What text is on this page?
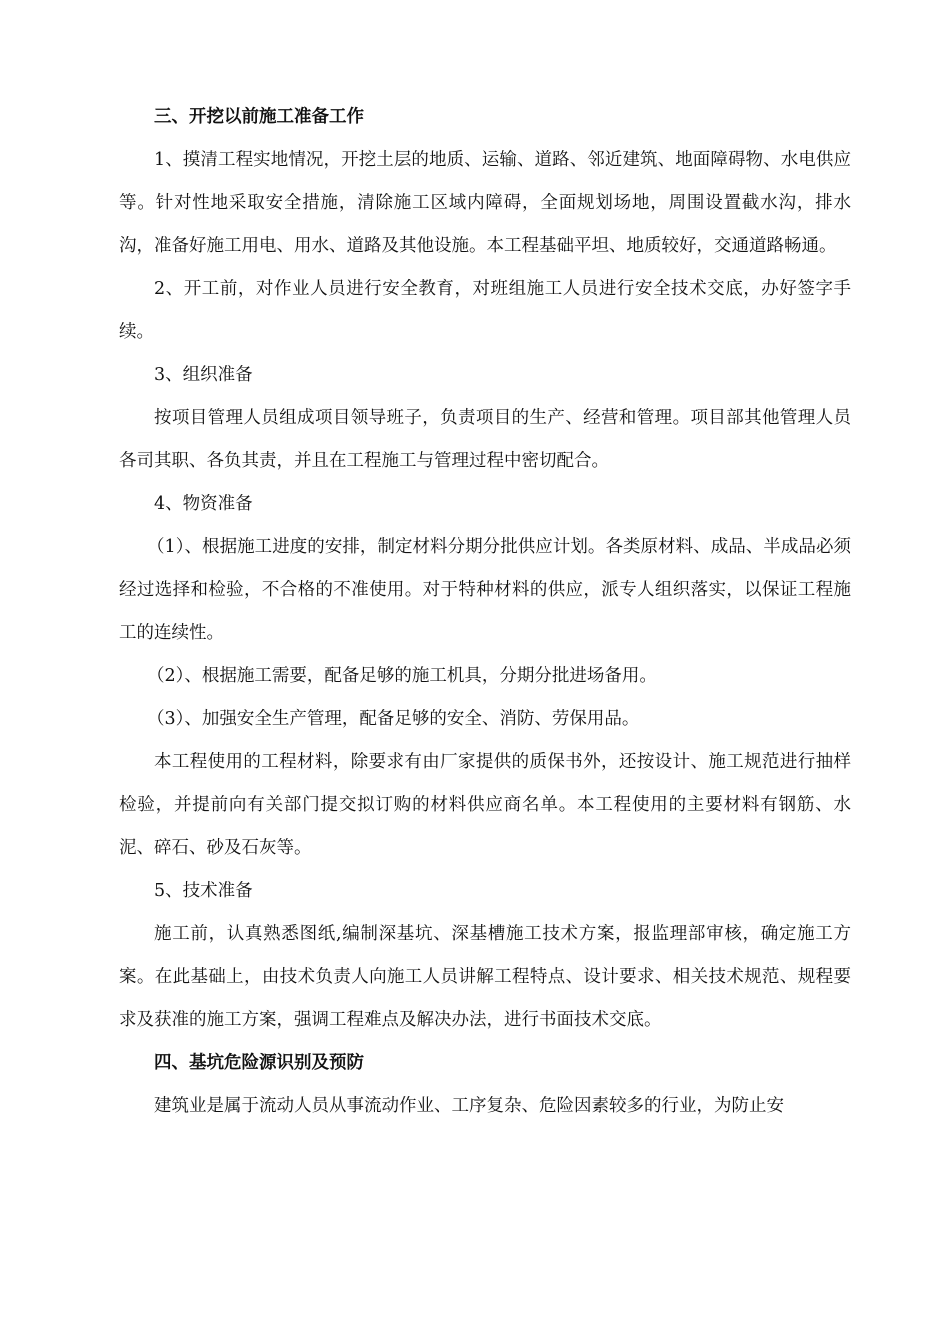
三、开挖以前施工准备工作

1、摸清工程实地情况，开挖土层的地质、运输、道路、邻近建筑、地面障碍物、水电供应等。针对性地采取安全措施，清除施工区域内障碍，全面规划场地，周围设置截水沟，排水沟，准备好施工用电、用水、道路及其他设施。本工程基础平坦、地质较好，交通道路畅通。

2、开工前，对作业人员进行安全教育，对班组施工人员进行安全技术交底，办好签字手续。

3、组织准备

按项目管理人员组成项目领导班子，负责项目的生产、经营和管理。项目部其他管理人员各司其职、各负其责，并且在工程施工与管理过程中密切配合。

4、物资准备

（1）、根据施工进度的安排，制定材料分期分批供应计划。各类原材料、成品、半成品必须经过选择和检验，不合格的不准使用。对于特种材料的供应，派专人组织落实，以保证工程施工的连续性。

（2）、根据施工需要，配备足够的施工机具，分期分批进场备用。

（3）、加强安全生产管理，配备足够的安全、消防、劳保用品。

本工程使用的工程材料，除要求有由厂家提供的质保书外，还按设计、施工规范进行抽样检验，并提前向有关部门提交拟订购的材料供应商名单。本工程使用的主要材料有钢筋、水泥、碎石、砂及石灰等。

5、技术准备

施工前，认真熟悉图纸,编制深基坑、深基槽施工技术方案，报监理部审核，确定施工方案。在此基础上，由技术负责人向施工人员讲解工程特点、设计要求、相关技术规范、规程要求及获准的施工方案，强调工程难点及解决办法，进行书面技术交底。

四、基坑危险源识别及预防

建筑业是属于流动人员从事流动作业、工序复杂、危险因素较多的行业，为防止安
